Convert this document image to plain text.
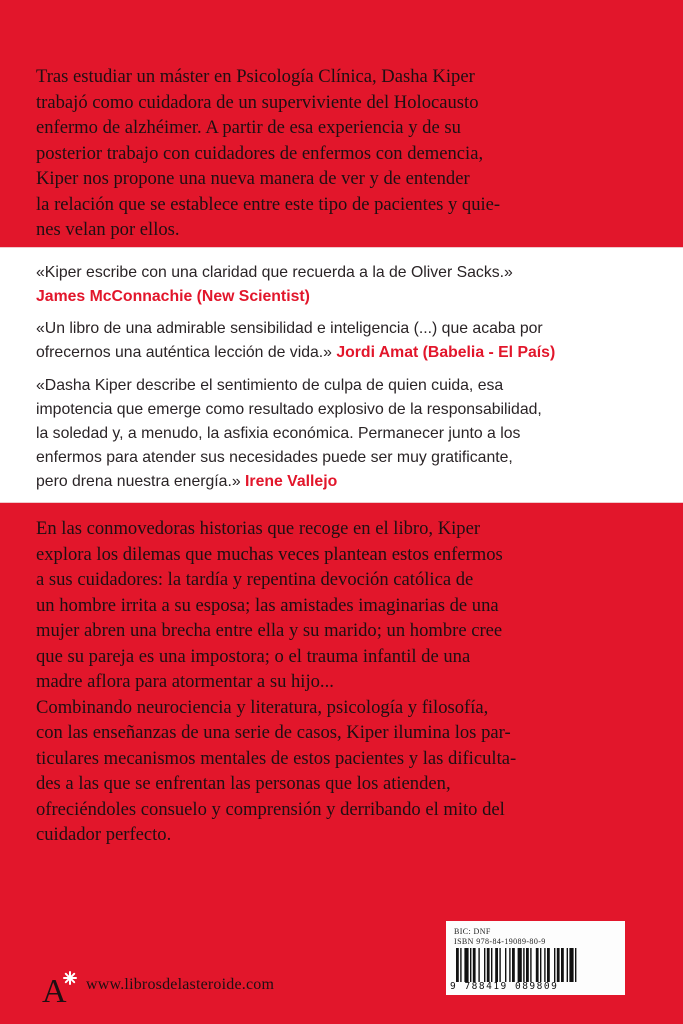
Tras estudiar un máster en Psicología Clínica, Dasha Kiper
trabajó como cuidadora de un superviviente del Holocausto
enfermo de alzhéimer. A partir de esa experiencia y de su
posterior trabajo con cuidadores de enfermos con demencia,
Kiper nos propone una nueva manera de ver y de entender
la relación que se establece entre este tipo de pacientes y quie-
nes velan por ellos.

«Kiper escribe con una claridad que recuerda a la de Oliver Sacks.»
James McConnachie (New Scientist)

«Un libro de una admirable sensibilidad e inteligencia (...) que acaba por
ofrecernos una auténtica lección de vida.» Jordi Amat (Babelia - El País)

«Dasha Kiper describe el sentimiento de culpa de quien cuida, esa
impotencia que emerge como resultado explosivo de la responsabilidad,
la soledad y, a menudo, la asfixia económica. Permanecer junto a los
enfermos para atender sus necesidades puede ser muy gratificante,
pero drena nuestra energía.» Irene Vallejo

En las conmovedoras historias que recoge en el libro, Kiper
explora los dilemas que muchas veces plantean estos enfermos
a sus cuidadores: la tardía y repentina devoción católica de
un hombre irrita a su esposa; las amistades imaginarias de una
mujer abren una brecha entre ella y su marido; un hombre cree
que su pareja es una impostora; o el trauma infantil de una
madre aflora para atormentar a su hijo...
Combinando neurociencia y literatura, psicología y filosofía,
con las enseñanzas de una serie de casos, Kiper ilumina los par-
ticulares mecanismos mentales de estos pacientes y las dificulta-
des a las que se enfrentan las personas que los atienden,
ofreciéndoles consuelo y comprensión y derribando el mito del
cuidador perfecto.
BIC: DNF
ISBN 978-84-19089-80-9
9 788419 089809
A www.librosdelasteroide.com
